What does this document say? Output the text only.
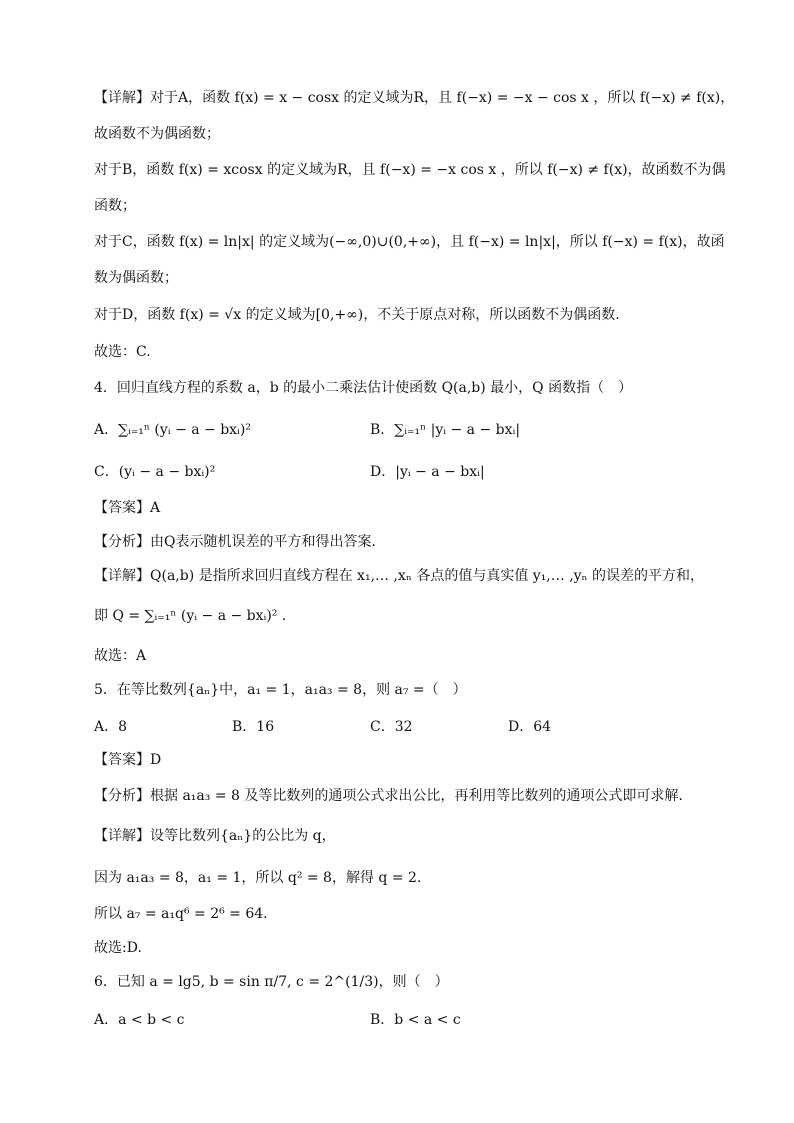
【详解】对于A，函数 f(x) = x − cosx 的定义域为R，且 f(−x) = −x − cos x ，所以 f(−x) ≠ f(x)，
故函数不为偶函数；
对于B，函数 f(x) = xcosx 的定义域为R，且 f(−x) = −x cos x ，所以 f(−x) ≠ f(x)，故函数不为偶
函数；
对于C，函数 f(x) = ln|x| 的定义域为(−∞,0)∪(0,+∞)，且 f(−x) = ln|x|，所以 f(−x) = f(x)，故函
数为偶函数；
对于D，函数 f(x) = √x 的定义域为[0,+∞)，不关于原点对称，所以函数不为偶函数.
故选：C.
4．回归直线方程的系数 a，b 的最小二乘法估计使函数 Q(a,b) 最小，Q 函数指（　）
A．∑ᵢ₌₁ⁿ (yᵢ − a − bxᵢ)²	B．∑ᵢ₌₁ⁿ |yᵢ − a − bxᵢ|
C．(yᵢ − a − bxᵢ)²	D．|yᵢ − a − bxᵢ|
【答案】A
【分析】由Q表示随机误差的平方和得出答案.
【详解】Q(a,b) 是指所求回归直线方程在 x₁,… ,xₙ 各点的值与真实值 y₁,… ,yₙ 的误差的平方和，
即 Q = ∑ᵢ₌₁ⁿ (yᵢ − a − bxᵢ)² .
故选：A
5．在等比数列{aₙ}中，a₁ = 1，a₁a₃ = 8，则 a₇ =（　）
A．8	B．16	C．32	D．64
【答案】D
【分析】根据 a₁a₃ = 8 及等比数列的通项公式求出公比，再利用等比数列的通项公式即可求解.
【详解】设等比数列{aₙ}的公比为 q，
因为 a₁a₃ = 8，a₁ = 1，所以 q² = 8，解得 q = 2.
所以 a₇ = a₁q⁶ = 2⁶ = 64.
故选:D.
6．已知 a = lg5, b = sin π/7, c = 2^(1/3)，则（　）
A．a < b < c	B．b < a < c
